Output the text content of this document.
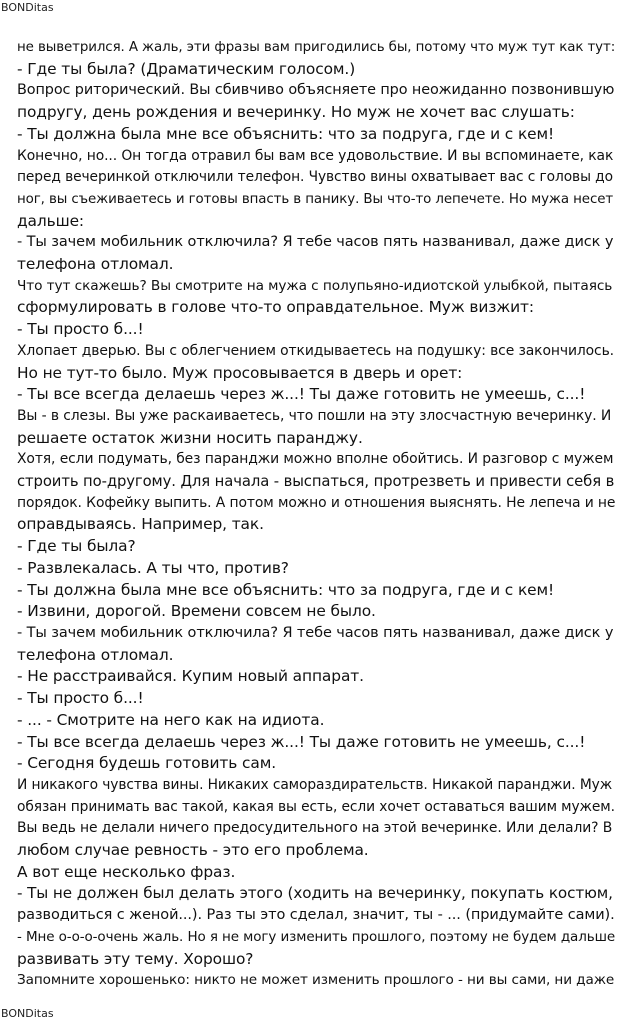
BONDitas
не выветрился. А жаль, эти фразы вам пригодились бы, потому что муж тут как тут:
- Где ты была? (Драматическим голосом.)
Вопрос риторический. Вы сбивчиво объясняете про неожиданно позвонившую
подругу, день рождения и вечеринку. Но муж не хочет вас слушать:
- Ты должна была мне все объяснить: что за подруга, где и с кем!
Конечно, но... Он тогда отравил бы вам все удовольствие. И вы вспоминаете, как
перед вечеринкой отключили телефон. Чувство вины охватывает вас с головы до
ног, вы съеживаетесь и готовы впасть в панику. Вы что-то лепечете. Но мужа несет
дальше:
- Ты зачем мобильник отключила? Я тебе часов пять названивал, даже диск у
телефона отломал.
Что тут скажешь? Вы смотрите на мужа с полупьяно-идиотской улыбкой, пытаясь
сформулировать в голове что-то оправдательное. Муж визжит:
- Ты просто б...!
Хлопает дверью. Вы с облегчением откидываетесь на подушку: все закончилось.
Но не тут-то было. Муж просовывается в дверь и орет:
- Ты все всегда делаешь через ж...! Ты даже готовить не умеешь, с...!
Вы - в слезы. Вы уже раскаиваетесь, что пошли на эту злосчастную вечеринку. И
решаете остаток жизни носить паранджу.
Хотя, если подумать, без паранджи можно вполне обойтись. И разговор с мужем
строить по-другому. Для начала - выспаться, протрезветь и привести себя в
порядок. Кофейку выпить. А потом можно и отношения выяснять. Не лепеча и не
оправдываясь. Например, так.
- Где ты была?
- Развлекалась. А ты что, против?
- Ты должна была мне все объяснить: что за подруга, где и с кем!
- Извини, дорогой. Времени совсем не было.
- Ты зачем мобильник отключила? Я тебе часов пять названивал, даже диск у
телефона отломал.
- Не расстраивайся. Купим новый аппарат.
- Ты просто б...!
- ... - Смотрите на него как на идиота.
- Ты все всегда делаешь через ж...! Ты даже готовить не умеешь, с...!
- Сегодня будешь готовить сам.
И никакого чувства вины. Никаких самораздирательств. Никакой паранджи. Муж
обязан принимать вас такой, какая вы есть, если хочет оставаться вашим мужем.
Вы ведь не делали ничего предосудительного на этой вечеринке. Или делали? В
любом случае ревность - это его проблема.
А вот еще несколько фраз.
- Ты не должен был делать этого (ходить на вечеринку, покупать костюм,
разводиться с женой...). Раз ты это сделал, значит, ты - ... (придумайте сами).
- Мне о-о-о-очень жаль. Но я не могу изменить прошлого, поэтому не будем дальше
развивать эту тему. Хорошо?
Запомните хорошенько: никто не может изменить прошлого - ни вы сами, ни даже
BONDitas
